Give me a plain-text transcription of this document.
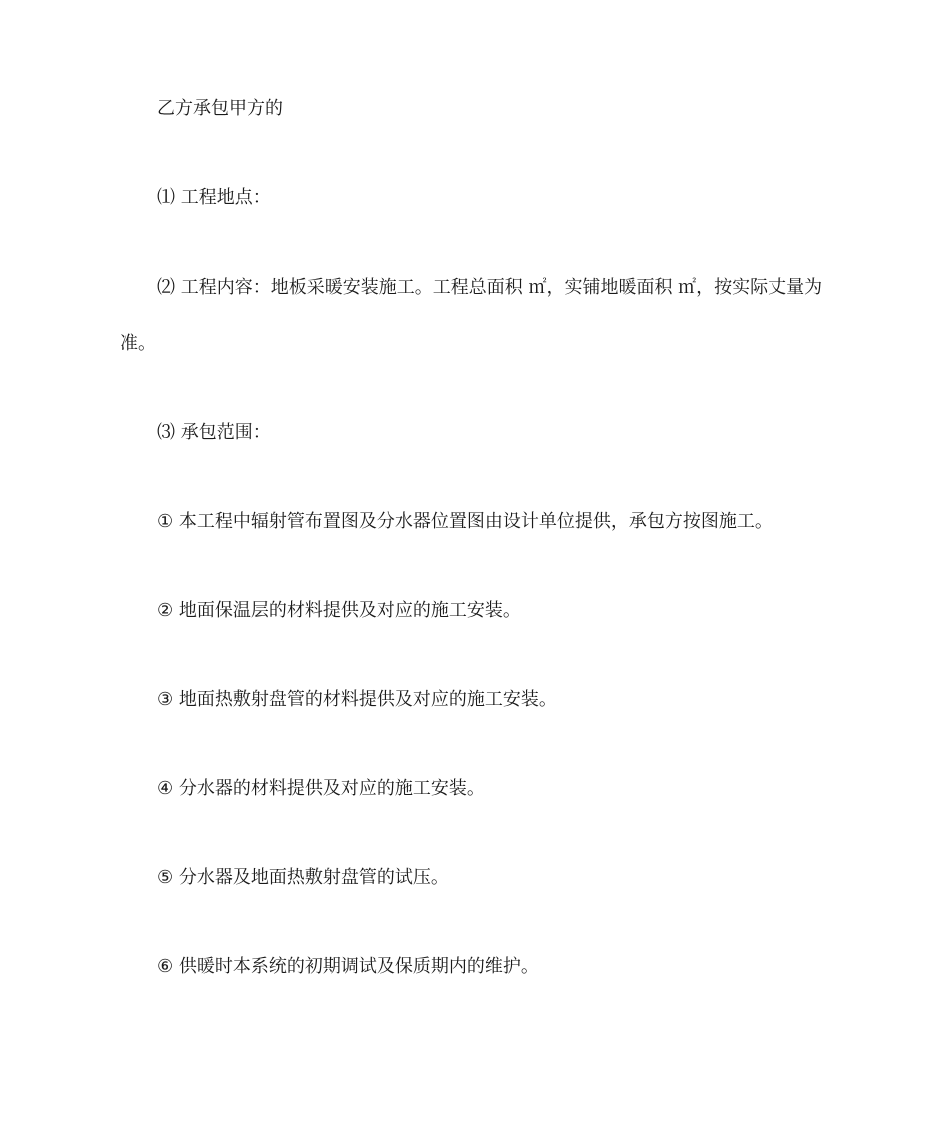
乙方承包甲方的
⑴ 工程地点：
⑵ 工程内容：地板采暖安装施工。工程总面积 ㎡，实铺地暖面积 ㎡，按实际丈量为
准。
⑶ 承包范围：
① 本工程中辐射管布置图及分水器位置图由设计单位提供，承包方按图施工。
② 地面保温层的材料提供及对应的施工安装。
③ 地面热敷射盘管的材料提供及对应的施工安装。
④ 分水器的材料提供及对应的施工安装。
⑤ 分水器及地面热敷射盘管的试压。
⑥ 供暖时本系统的初期调试及保质期内的维护。
